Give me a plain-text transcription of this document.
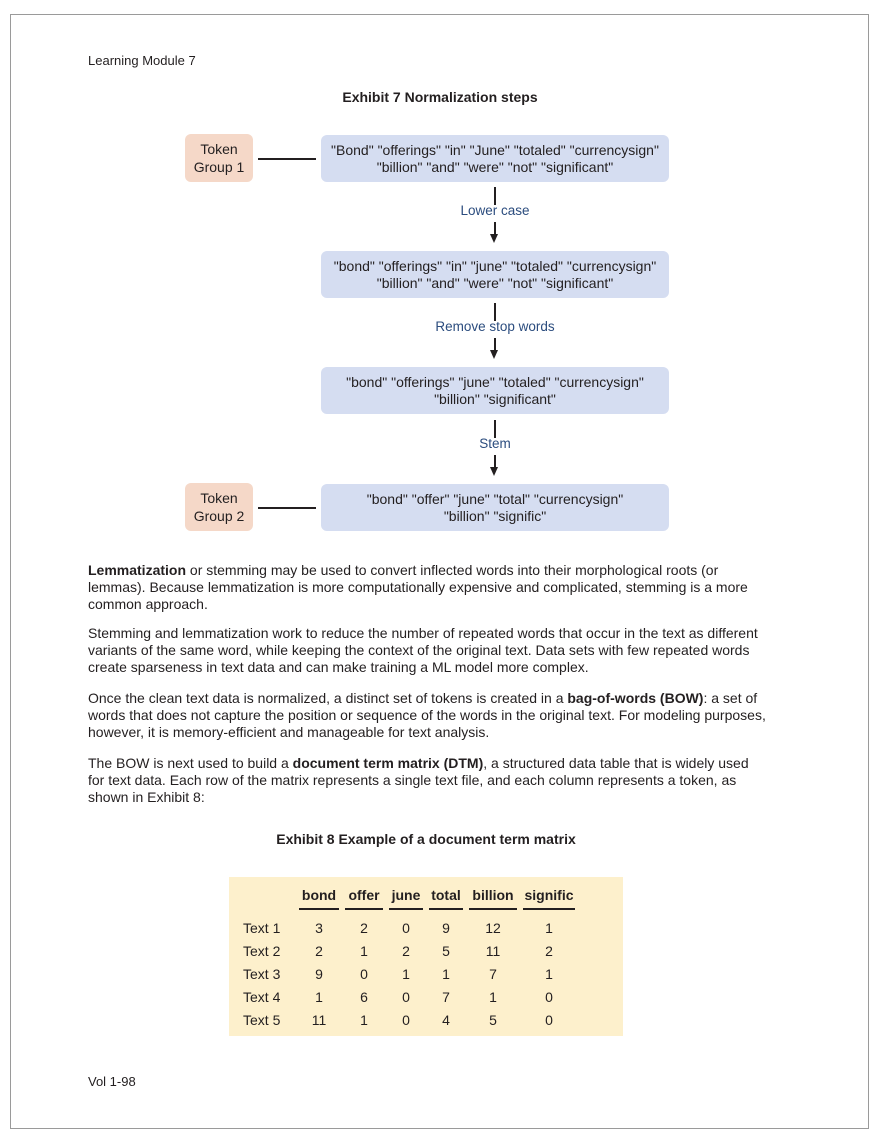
Learning Module 7
Exhibit 7 Normalization steps
Token
Group 1
Token
Group 2
"Bond" "offerings" "in" "June" "totaled" "currencysign"
"billion" "and" "were" "not" "significant"
"bond" "offerings" "in" "june" "totaled" "currencysign"
"billion" "and" "were" "not" "significant"
"bond" "offerings" "june" "totaled" "currencysign"
"billion" "significant"
"bond" "offer" "june" "total" "currencysign"
"billion" "signific"
Lower case
Remove stop words
Stem
Lemmatization or stemming may be used to convert inflected words into their morphological roots (or lemmas). Because lemmatization is more computationally expensive and complicated, stemming is a more common approach.
Stemming and lemmatization work to reduce the number of repeated words that occur in the text as different variants of the same word, while keeping the context of the original text. Data sets with few repeated words create sparseness in text data and can make training a ML model more complex.
Once the clean text data is normalized, a distinct set of tokens is created in a bag-of-words (BOW): a set of words that does not capture the position or sequence of the words in the original text. For modeling purposes, however, it is memory-efficient and manageable for text analysis.
The BOW is next used to build a document term matrix (DTM), a structured data table that is widely used for text data. Each row of the matrix represents a single text file, and each column represents a token, as shown in Exhibit 8:
Exhibit 8 Example of a document term matrix
	bond	offer	june	total	billion	signific

Text 1	3	2	0	9	12	1
Text 2	2	1	2	5	11	2
Text 3	9	0	1	1	7	1
Text 4	1	6	0	7	1	0
Text 5	11	1	0	4	5	0
Vol 1-98
